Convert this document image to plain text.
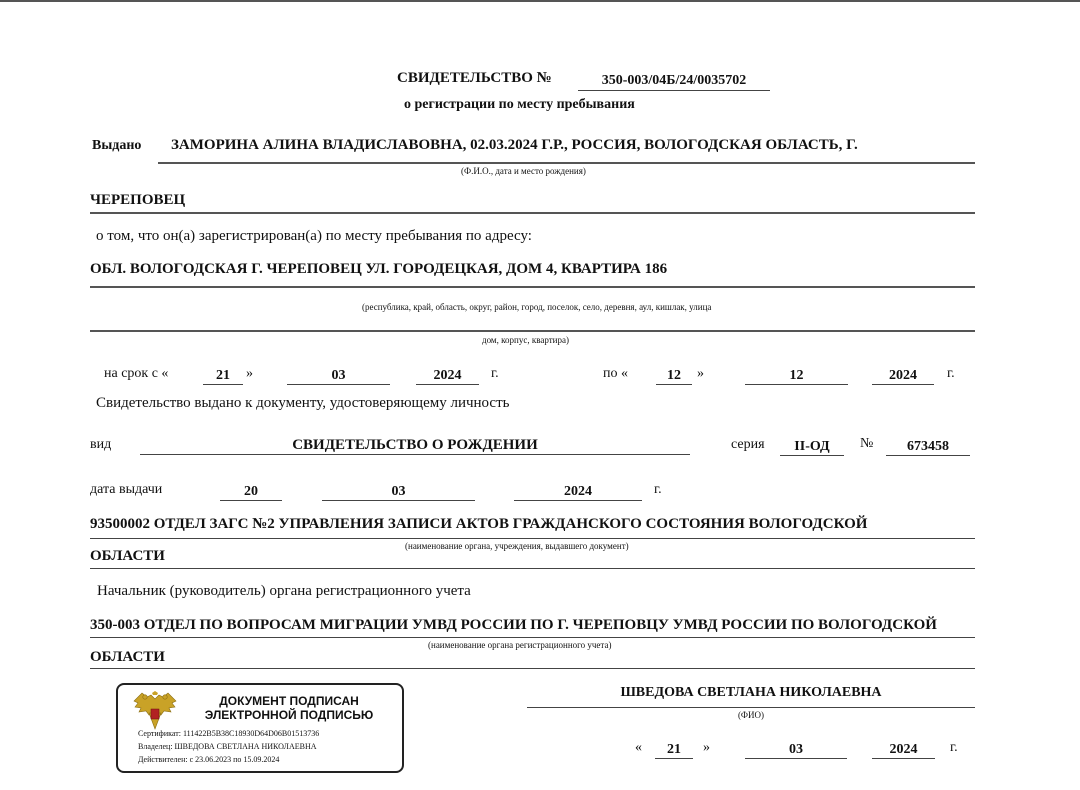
СВИДЕТЕЛЬСТВО №	350-003/04Б/24/0035702
о регистрации по месту пребывания
Выдано ЗАМОРИНА АЛИНА ВЛАДИСЛАВОВНА, 02.03.2024 Г.Р., РОССИЯ, ВОЛОГОДСКАЯ ОБЛАСТЬ, Г.
(Ф.И.О., дата и место рождения)
ЧЕРЕПОВЕЦ
о том, что он(а) зарегистрирован(а) по месту пребывания по адресу:
ОБЛ. ВОЛОГОДСКАЯ Г. ЧЕРЕПОВЕЦ УЛ. ГОРОДЕЦКАЯ, ДОМ 4, КВАРТИРА 186
(республика, край, область, округ, район, город, поселок, село, деревня, аул, кишлак, улица
дом, корпус, квартира)
на срок с «	21	»	03	2024	г.	по «	12	»	12	2024	г.
Свидетельство выдано к документу, удостоверяющему личность
вид	СВИДЕТЕЛЬСТВО О РОЖДЕНИИ	серия	II-ОД	№	673458
дата выдачи	20	03	2024	г.
93500002 ОТДЕЛ ЗАГС №2 УПРАВЛЕНИЯ ЗАПИСИ АКТОВ ГРАЖДАНСКОГО СОСТОЯНИЯ ВОЛОГОДСКОЙ
(наименование органа, учреждения, выдавшего документ)
ОБЛАСТИ
Начальник (руководитель) органа регистрационного учета
350-003 ОТДЕЛ ПО ВОПРОСАМ МИГРАЦИИ УМВД РОССИИ ПО Г. ЧЕРЕПОВЦУ УМВД РОССИИ ПО ВОЛОГОДСКОЙ
(наименование органа регистрационного учета)
ОБЛАСТИ
ДОКУМЕНТ ПОДПИСАН
ЭЛЕКТРОННОЙ ПОДПИСЬЮ
Сертификат: 111422B5B38C18930D64D06B01513736
Владелец: ШВЕДОВА СВЕТЛАНА НИКОЛАЕВНА
Действителен: с 23.06.2023 по 15.09.2024
ШВЕДОВА СВЕТЛАНА НИКОЛАЕВНА
(ФИО)
«	21	»	03	2024	г.
